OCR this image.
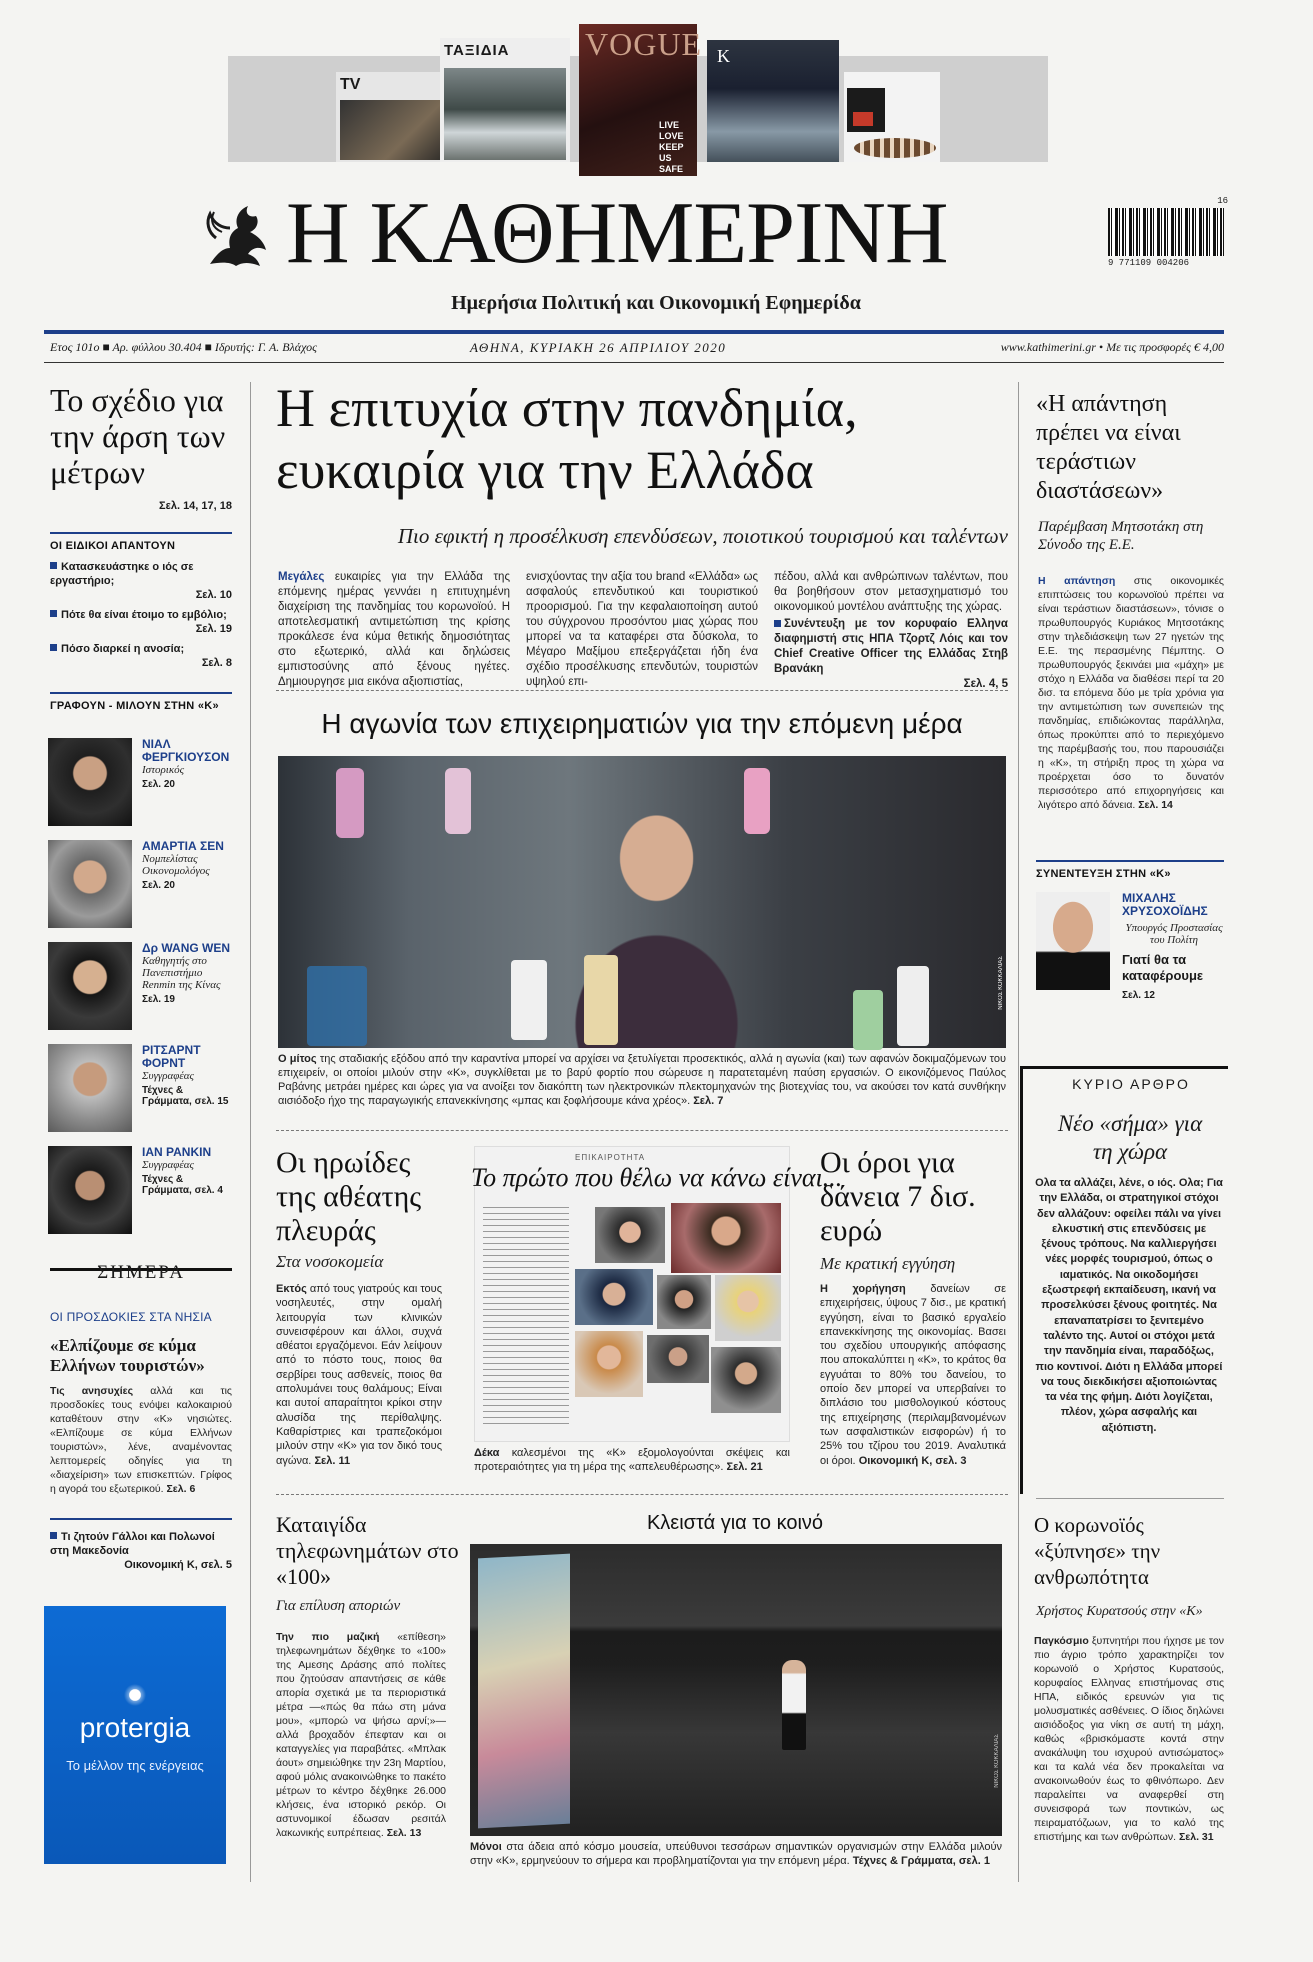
TV
ΤΑΞΙΔΙΑ VOGUE
LIVE LOVE KEEP US SAFE
K
Η ΚΑΘΗΜΕΡΙΝΗ	9 771109 004206
16
Ημερήσια Πολιτική και Οικονομική Εφημερίδα
Ετος 101ο ■ Αρ. φύλλου 30.404 ■ Ιδρυτής: Γ. Α. Βλάχος	ΑΘΗΝΑ, ΚΥΡΙΑΚΗ 26 ΑΠΡΙΛΙΟΥ 2020	www.kathimerini.gr • Με τις προσφορές € 4,00
Το σχέδιο για την άρση των μέτρων
Σελ. 14, 17, 18
ΟΙ ΕΙΔΙΚΟΙ ΑΠΑΝΤΟΥΝ
Κατασκευάστηκε ο ιός σε εργαστήριο;
Σελ. 10
Πότε θα είναι έτοιμο το εμβόλιο;
Σελ. 19
Πόσο διαρκεί η ανοσία;
Σελ. 8
ΓΡΑΦΟΥΝ - ΜΙΛΟΥΝ ΣΤΗΝ «Κ»
ΝΙΑΛ ΦΕΡΓΚΙΟΥΣΟΝ
Ιστορικός
Σελ. 20
ΑΜΑΡΤΙΑ ΣΕΝ
Νομπελίστας Οικονομολόγος
Σελ. 20
Δρ WANG WEN
Καθηγητής στο Πανεπιστήμιο Renmin της Κίνας
Σελ. 19
ΡΙΤΣΑΡΝΤ ΦΟΡΝΤ
Συγγραφέας
Τέχνες & Γράμματα, σελ. 15
ΙΑΝ ΡΑΝΚΙΝ
Συγγραφέας
Τέχνες & Γράμματα, σελ. 4
ΣΗΜΕΡΑ
ΟΙ ΠΡΟΣΔΟΚΙΕΣ ΣΤΑ ΝΗΣΙΑ
«Ελπίζουμε σε κύμα Ελλήνων τουριστών»
Τις ανησυχίες αλλά και τις προσδοκίες τους ενόψει καλοκαιριού καταθέτουν στην «Κ» νησιώτες. «Ελπίζουμε σε κύμα Ελλήνων τουριστών», λένε, αναμένοντας λεπτομερείς οδηγίες για τη «διαχείριση» των επισκεπτών. Γρίφος η αγορά του εξωτερικού. Σελ. 6
Τι ζητούν Γάλλοι και Πολωνοί στη Μακεδονία
Οικονομική Κ, σελ. 5
protergia
Το μέλλον της ενέργειας
Η επιτυχία στην πανδημία,
ευκαιρία για την Ελλάδα
Πιο εφικτή η προσέλκυση επενδύσεων, ποιοτικού τουρισμού και ταλέντων
Μεγάλες ευκαιρίες για την Ελλάδα της επόμενης ημέρας γεννάει η επιτυχημένη διαχείριση της πανδημίας του κορωνοϊού. Η αποτελεσματική αντιμετώπιση της κρίσης προκάλεσε ένα κύμα θετικής δημοσιότητας στο εξωτερικό, αλλά και δηλώσεις εμπιστοσύνης από ξένους ηγέτες. Δημιουργησε μια εικόνα αξιοπιστίας,
ενισχύοντας την αξία του brand «Ελλάδα» ως ασφαλούς επενδυτικού και τουριστικού προορισμού. Για την κεφαλαιοποίηση αυτού του σύγχρονου προσόντου μιας χώρας που μπορεί να τα καταφέρει στα δύσκολα, το Μέγαρο Μαξίμου επεξεργάζεται ήδη ένα σχέδιο προσέλκυσης επενδυτών, τουριστών υψηλού επι-
πέδου, αλλά και ανθρώπινων ταλέντων, που θα βοηθήσουν στον μετασχηματισμό του οικονομικού μοντέλου ανάπτυξης της χώρας.
Συνέντευξη με τον κορυφαίο Ελληνα διαφημιστή στις ΗΠΑ Τζορτζ Λόις και τον Chief Creative Officer της Ελλάδας Στηβ Βρανάκη
Σελ. 4, 5
Η αγωνία των επιχειρηματιών για την επόμενη μέρα
ΝΙΚΟΣ ΚΟΚΚΑΛΙΑΣ
Ο μίτος της σταδιακής εξόδου από την καραντίνα μπορεί να αρχίσει να ξετυλίγεται προσεκτικός, αλλά η αγωνία (και) των αφανών δοκιμαζόμενων του επιχειρείν, οι οποίοι μιλούν στην «Κ», συγκλίθεται με το βαρύ φορτίο που σώρευσε η παρατεταμένη παύση εργασιών. Ο εικονιζόμενος Παύλος Ραβάνης μετράει ημέρες και ώρες για να ανοίξει τον διακόπτη των ηλεκτρονικών πλεκτομηχανών της βιοτεχνίας του, να ακούσει τον κατά συνθήκην αισιόδοξο ήχο της παραγωγικής επανεκκίνησης «μπας και ξοφλήσουμε κάνα χρέος». Σελ. 7
Οι ηρωίδες της αθέατης πλευράς
Στα νοσοκομεία
Εκτός από τους γιατρούς και τους νοσηλευτές, στην ομαλή λειτουργία των κλινικών συνεισφέρουν και άλλοι, συχνά αθέατοι εργαζόμενοι. Εάν λείψουν από το πόστο τους, ποιος θα σερβίρει τους ασθενείς, ποιος θα απολυμάνει τους θαλάμους; Είναι και αυτοί απαραίτητοι κρίκοι στην αλυσίδα της περίθαλψης. Καθαρίστριες και τραπεζοκόμοι μιλούν στην «Κ» για τον δικό τους αγώνα. Σελ. 11
ΕΠΙΚΑΙΡΟΤΗΤΑ
Το πρώτο που θέλω να κάνω είναι...
Δέκα καλεσμένοι της «Κ» εξομολογούνται σκέψεις και προτεραιότητες για τη μέρα της «απελευθέρωσης». Σελ. 21
Οι όροι για δάνεια 7 δισ. ευρώ
Με κρατική εγγύηση
Η χορήγηση δανείων σε επιχειρήσεις, ύψους 7 δισ., με κρατική εγγύηση, είναι το βασικό εργαλείο επανεκκίνησης της οικονομίας. Βασει του σχεδίου υπουργικής απόφασης που αποκαλύπτει η «Κ», το κράτος θα εγγυάται το 80% του δανείου, το οποίο δεν μπορεί να υπερβαίνει το διπλάσιο του μισθολογικού κόστους της επιχείρησης (περιλαμβανομένων των ασφαλιστικών εισφορών) ή το 25% του τζίρου του 2019. Αναλυτικά οι όροι. Οικονομική Κ, σελ. 3
Καταιγίδα τηλεφωνημάτων στο «100»
Για επίλυση αποριών
Την πιο μαζική «επίθεση» τηλεφωνημάτων δέχθηκε το «100» της Αμεσης Δράσης από πολίτες που ζητούσαν απαντήσεις σε κάθε απορία σχετικά με τα περιοριστικά μέτρα —«πώς θα πάω στη μάνα μου», «μπορώ να ψήσω αρνί;»— αλλά βροχαδόν έπεφταν και οι καταγγελίες για παραβάτες. «Μπλακ άουτ» σημειώθηκε την 23η Μαρτίου, αφού μόλις ανακοινώθηκε το πακέτο μέτρων το κέντρο δέχθηκε 26.000 κλήσεις, ένα ιστορικό ρεκόρ. Οι αστυνομικοί έδωσαν ρεσιτάλ λακωνικής ευπρέπειας. Σελ. 13
Κλειστά για το κοινό
ΝΙΚΟΣ ΚΟΚΚΑΛΙΑΣ
Μόνοι στα άδεια από κόσμο μουσεία, υπεύθυνοι τεσσάρων σημαντικών οργανισμών στην Ελλάδα μιλούν στην «Κ», ερμηνεύουν το σήμερα και προβληματίζονται για την επόμενη μέρα. Τέχνες & Γράμματα, σελ. 1
«Η απάντηση πρέπει να είναι τεράστιων διαστάσεων»
Παρέμβαση Μητσοτάκη στη Σύνοδο της Ε.Ε.
Η απάντηση στις οικονομικές επιπτώσεις του κορωνοϊού πρέπει να είναι τεράστιων διαστάσεων», τόνισε ο πρωθυπουργός Κυριάκος Μητσοτάκης στην τηλεδιάσκεψη των 27 ηγετών της Ε.Ε. της περασμένης Πέμπτης. Ο πρωθυπουργός ξεκινάει μια «μάχη» με στόχο η Ελλάδα να διαθέσει περί τα 20 δισ. τα επόμενα δύο με τρία χρόνια για την αντιμετώπιση των συνεπειών της πανδημίας, επιδιώκοντας παράλληλα, όπως προκύπτει από το περιεχόμενο της παρέμβασής του, που παρουσιάζει η «Κ», τη στήριξη προς τη χώρα να προέρχεται όσο το δυνατόν περισσότερο από επιχορηγήσεις και λιγότερο από δάνεια. Σελ. 14
ΣΥΝΕΝΤΕΥΞΗ ΣΤΗΝ «Κ»
ΜΙΧΑΛΗΣ ΧΡΥΣΟΧΟΪΔΗΣ
Υπουργός Προστασίας του Πολίτη
Γιατί θα τα καταφέρουμε
Σελ. 12
ΚΥΡΙΟ ΑΡΘΡΟ
Νέο «σήμα» για τη χώρα
Ολα τα αλλάζει, λένε, ο ιός. Ολα; Για την Ελλάδα, οι στρατηγικοί στόχοι δεν αλλάζουν: οφείλει πάλι να γίνει ελκυστική στις επενδύσεις με ξένους τρόπους. Να καλλιεργήσει νέες μορφές τουρισμού, όπως ο ιαματικός. Να οικοδομήσει εξωστρεφή εκπαίδευση, ικανή να προσελκύσει ξένους φοιτητές. Να επαναπατρίσει το ξενιτεμένο ταλέντο της. Αυτοί οι στόχοι μετά την πανδημία είναι, παραδόξως, πιο κοντινοί. Διότι η Ελλάδα μπορεί να τους διεκδικήσει αξιοποιώντας τα νέα της φήμη. Διότι λογίζεται, πλέον, χώρα ασφαλής και αξιόπιστη.
Ο κορωνοϊός «ξύπνησε» την ανθρωπότητα
Χρήστος Κυρατσούς στην «Κ»
Παγκόσμιο ξυπνητήρι που ήχησε με τον πιο άγριο τρόπο χαρακτηρίζει τον κορωνοϊό ο Χρήστος Κυρατσούς, κορυφαίος Ελληνας επιστήμονας στις ΗΠΑ, ειδικός ερευνών για τις μολυσματικές ασθένειες. Ο ίδιος δηλώνει αισιόδοξος για νίκη σε αυτή τη μάχη, καθώς «βρισκόμαστε κοντά στην ανακάλυψη του ισχυρού αντισώματος» και τα καλά νέα δεν προκαλείται να ανακοινωθούν έως το φθινόπωρο. Δεν παραλείπει να αναφερθεί στη συνεισφορά των ποντικών, ως πειραματόζωων, για το καλό της επιστήμης και των ανθρώπων. Σελ. 31
